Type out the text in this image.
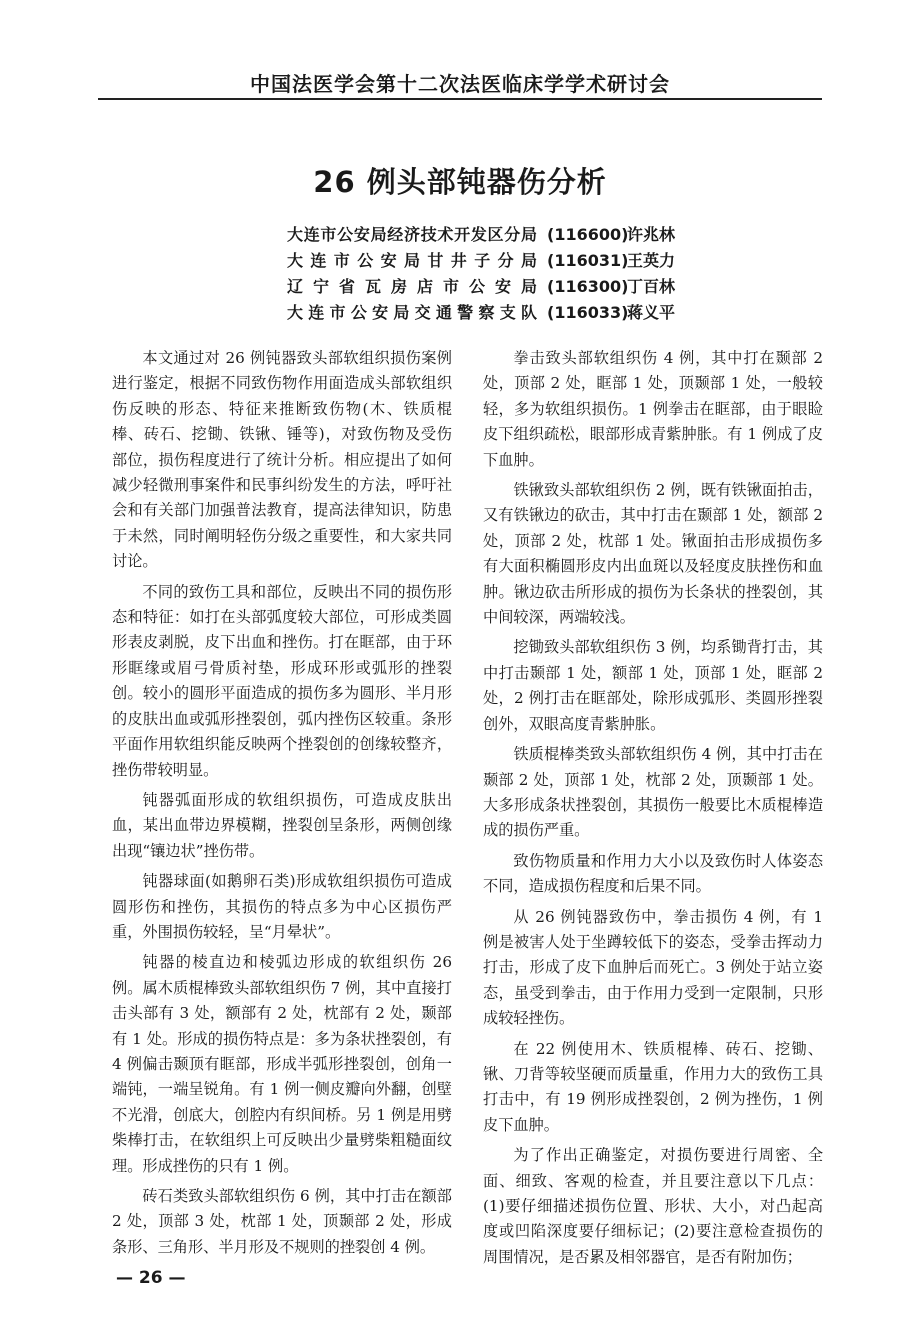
中国法医学会第十二次法医临床学学术研讨会
26 例头部钝器伤分析
大连市公安局经济技术开发区分局 (116600)
许兆林
大连市公安局甘井子分局 (116031)
王英力
辽宁省瓦房店市公安局 (116300)
丁百林
大连市公安局交通警察支队 (116033)
蒋义平

本文通过对 26 例钝器致头部软组织损伤案例进行鉴定，根据不同致伤物作用面造成头部软组织伤反映的形态、特征来推断致伤物(木、铁质棍棒、砖石、挖锄、铁锹、锤等)，对致伤物及受伤部位，损伤程度进行了统计分析。相应提出了如何减少轻微刑事案件和民事纠纷发生的方法，呼吁社会和有关部门加强普法教育，提高法律知识，防患于未然，同时阐明轻伤分级之重要性，和大家共同讨论。

不同的致伤工具和部位，反映出不同的损伤形态和特征：如打在头部弧度较大部位，可形成类圆形表皮剥脱，皮下出血和挫伤。打在眶部，由于环形眶缘或眉弓骨质衬垫，形成环形或弧形的挫裂创。较小的圆形平面造成的损伤多为圆形、半月形的皮肤出血或弧形挫裂创，弧内挫伤区较重。条形平面作用软组织能反映两个挫裂创的创缘较整齐，挫伤带较明显。

钝器弧面形成的软组织损伤，可造成皮肤出血，某出血带边界模糊，挫裂创呈条形，两侧创缘出现“镶边状”挫伤带。

钝器球面(如鹅卵石类)形成软组织损伤可造成圆形伤和挫伤，其损伤的特点多为中心区损伤严重，外围损伤较轻，呈“月晕状”。

钝器的棱直边和棱弧边形成的软组织伤 26 例。属木质棍棒致头部软组织伤 7 例，其中直接打击头部有 3 处，额部有 2 处，枕部有 2 处，颞部有 1 处。形成的损伤特点是：多为条状挫裂创，有 4 例偏击颞顶有眶部，形成半弧形挫裂创，创角一端钝，一端呈锐角。有 1 例一侧皮瓣向外翻，创壁不光滑，创底大，创腔内有织间桥。另 1 例是用劈柴棒打击，在软组织上可反映出少量劈柴粗糙面纹理。形成挫伤的只有 1 例。

砖石类致头部软组织伤 6 例，其中打击在额部 2 处，顶部 3 处，枕部 1 处，顶颞部 2 处，形成条形、三角形、半月形及不规则的挫裂创 4 例。

拳击致头部软组织伤 4 例，其中打在颞部 2 处，顶部 2 处，眶部 1 处，顶颞部 1 处，一般较轻，多为软组织损伤。1 例拳击在眶部，由于眼睑皮下组织疏松，眼部形成青紫肿胀。有 1 例成了皮下血肿。

铁锹致头部软组织伤 2 例，既有铁锹面拍击，又有铁锹边的砍击，其中打击在颞部 1 处，额部 2 处，顶部 2 处，枕部 1 处。锹面拍击形成损伤多有大面积椭圆形皮内出血斑以及轻度皮肤挫伤和血肿。锹边砍击所形成的损伤为长条状的挫裂创，其中间较深，两端较浅。

挖锄致头部软组织伤 3 例，均系锄背打击，其中打击颞部 1 处，额部 1 处，顶部 1 处，眶部 2 处，2 例打击在眶部处，除形成弧形、类圆形挫裂创外，双眼高度青紫肿胀。

铁质棍棒类致头部软组织伤 4 例，其中打击在颞部 2 处，顶部 1 处，枕部 2 处，顶颞部 1 处。大多形成条状挫裂创，其损伤一般要比木质棍棒造成的损伤严重。

致伤物质量和作用力大小以及致伤时人体姿态不同，造成损伤程度和后果不同。

从 26 例钝器致伤中，拳击损伤 4 例，有 1 例是被害人处于坐蹲较低下的姿态，受拳击挥动力打击，形成了皮下血肿后而死亡。3 例处于站立姿态，虽受到拳击，由于作用力受到一定限制，只形成较轻挫伤。

在 22 例使用木、铁质棍棒、砖石、挖锄、锹、刀背等较坚硬而质量重，作用力大的致伤工具打击中，有 19 例形成挫裂创，2 例为挫伤，1 例皮下血肿。

为了作出正确鉴定，对损伤要进行周密、全面、细致、客观的检查，并且要注意以下几点：(1)要仔细描述损伤位置、形状、大小，对凸起高度或凹陷深度要仔细标记；(2)要注意检查损伤的周围情况，是否累及相邻器官，是否有附加伤；

— 26 —
